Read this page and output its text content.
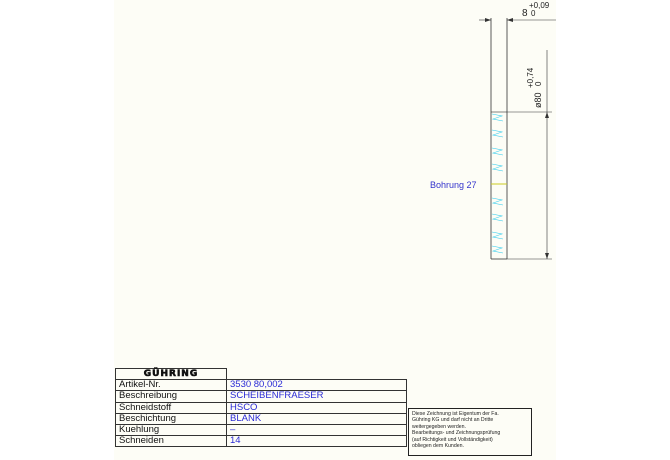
8
+0,09
0
ø80
+0,74 0
Bohrung 27
GÜHRING	
Artikel-Nr.	3530 80,002
Beschreibung	SCHEIBENFRAESER
Schneidstoff	HSCO
Beschichtung	BLANK
Kuehlung	–
Schneiden	14
Diese Zeichnung ist Eigentum der Fa.
Gühring KG und darf nicht an Dritte
weitergegeben werden.
Bearbeitungs- und Zeichnungsprüfung
(auf Richtigkeit und Vollständigkeit)
obliegen dem Kunden.
